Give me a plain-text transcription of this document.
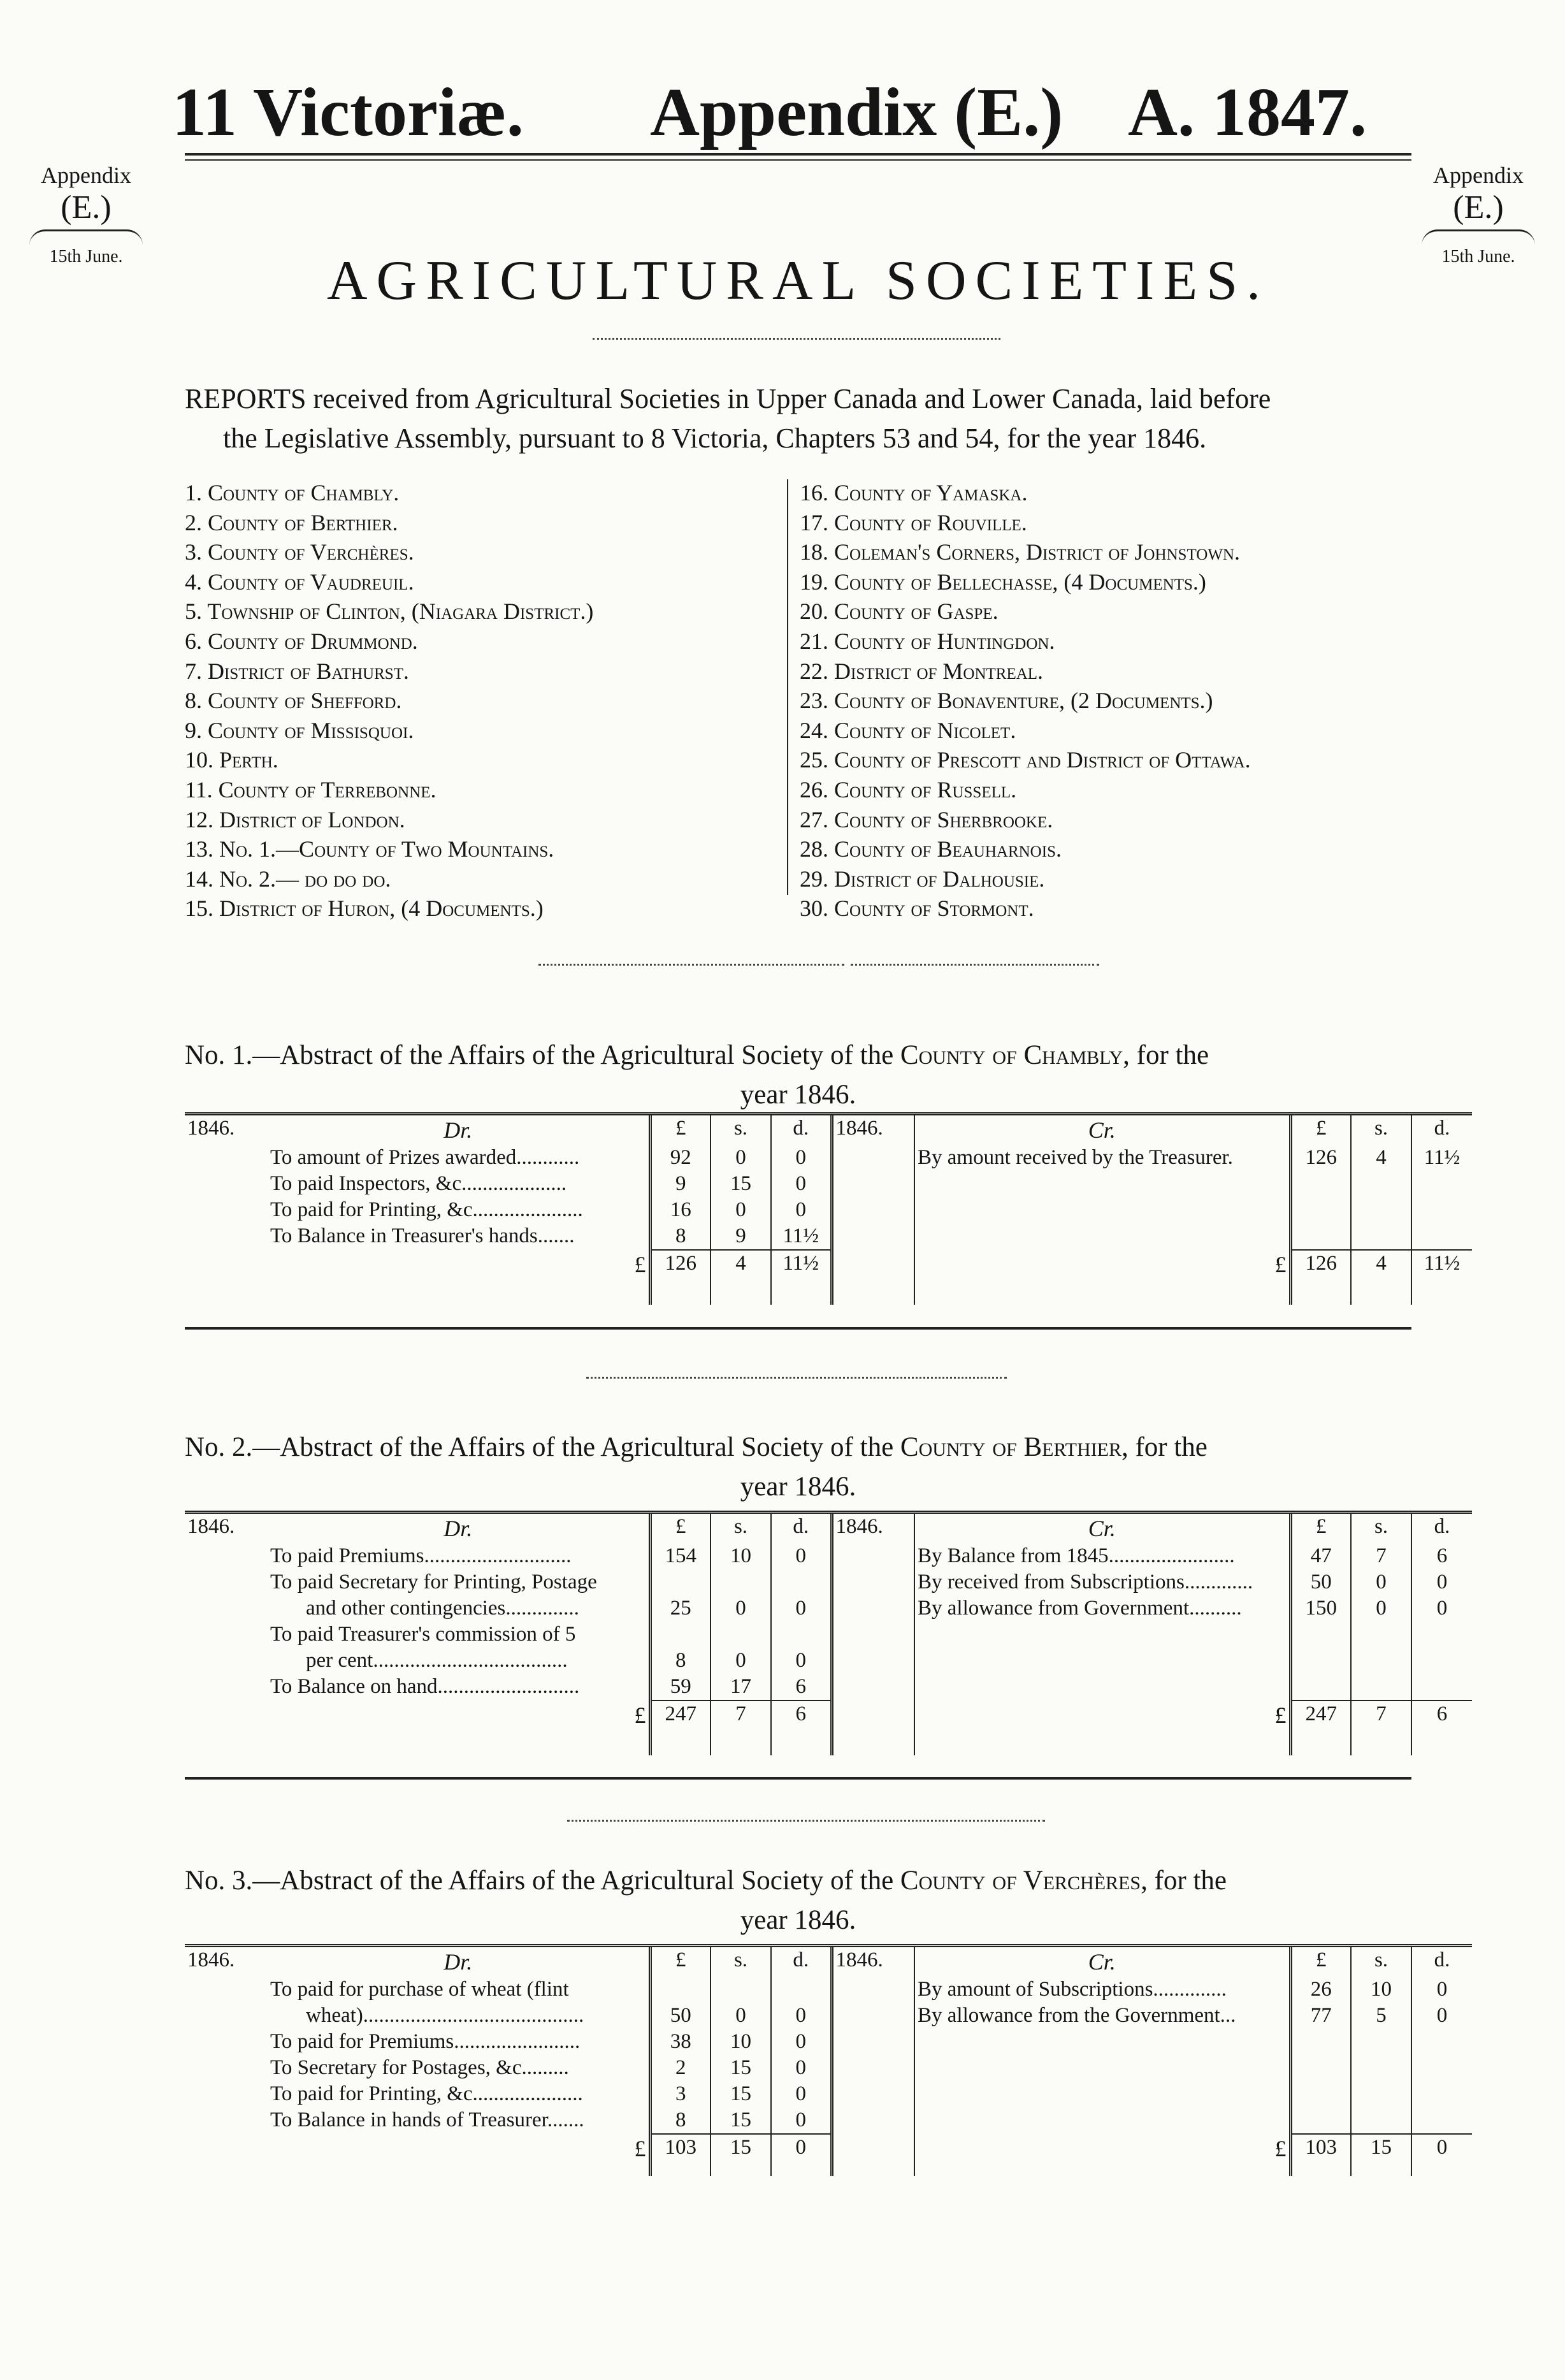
11 Victoriæ. Appendix (E.) A. 1847.
Appendix
(E.)
15th June.
Appendix
(E.)
15th June.
AGRICULTURAL SOCIETIES.
REPORTS received from Agricultural Societies in Upper Canada and Lower Canada, laid before
the Legislative Assembly, pursuant to 8 Victoria, Chapters 53 and 54, for the year 1846.
1. County of Chambly.
2. County of Berthier.
3. County of Verchères.
4. County of Vaudreuil.
5. Township of Clinton, (Niagara District.)
6. County of Drummond.
7. District of Bathurst.
8. County of Shefford.
9. County of Missisquoi.
10. Perth.
11. County of Terrebonne.
12. District of London.
13. No. 1.—County of Two Mountains.
14. No. 2.— do do do.
15. District of Huron, (4 Documents.)
16. County of Yamaska.
17. County of Rouville.
18. Coleman's Corners, District of Johnstown.
19. County of Bellechasse, (4 Documents.)
20. County of Gaspe.
21. County of Huntingdon.
22. District of Montreal.
23. County of Bonaventure, (2 Documents.)
24. County of Nicolet.
25. County of Prescott and District of Ottawa.
26. County of Russell.
27. County of Sherbrooke.
28. County of Beauharnois.
29. District of Dalhousie.
30. County of Stormont.
No. 1.—Abstract of the Affairs of the Agricultural Society of the County of Chambly, for the
year 1846.
1846.	Dr.	£	s.	d.	1846.	Cr.	£	s.	d.
	To amount of Prizes awarded............	92	0	0		By amount received by the Treasurer.	126	4	11½
	To paid Inspectors, &c....................	9	15	0					
	To paid for Printing, &c.....................	16	0	0					
	To Balance in Treasurer's hands.......	8	9	11½					
	£	126	4	11½		£	126	4	11½

No. 2.—Abstract of the Affairs of the Agricultural Society of the County of Berthier, for the
year 1846.
1846.	Dr.	£	s.	d.	1846.	Cr.	£	s.	d.
	To paid Premiums............................	154	10	0		By Balance from 1845........................	47	7	6
	To paid Secretary for Printing, Postage					By received from Subscriptions.............	50	0	0
	and other contingencies..............	25	0	0		By allowance from Government..........	150	0	0
	To paid Treasurer's commission of 5								
	per cent.....................................	8	0	0					
	To Balance on hand...........................	59	17	6					
	£	247	7	6		£	247	7	6

No. 3.—Abstract of the Affairs of the Agricultural Society of the County of Verchères, for the
year 1846.
1846.	Dr.	£	s.	d.	1846.	Cr.	£	s.	d.
	To paid for purchase of wheat (flint					By amount of Subscriptions..............	26	10	0
	wheat)..........................................	50	0	0		By allowance from the Government...	77	5	0
	To paid for Premiums........................	38	10	0					
	To Secretary for Postages, &c.........	2	15	0					
	To paid for Printing, &c.....................	3	15	0					
	To Balance in hands of Treasurer.......	8	15	0					
	£	103	15	0		£	103	15	0
